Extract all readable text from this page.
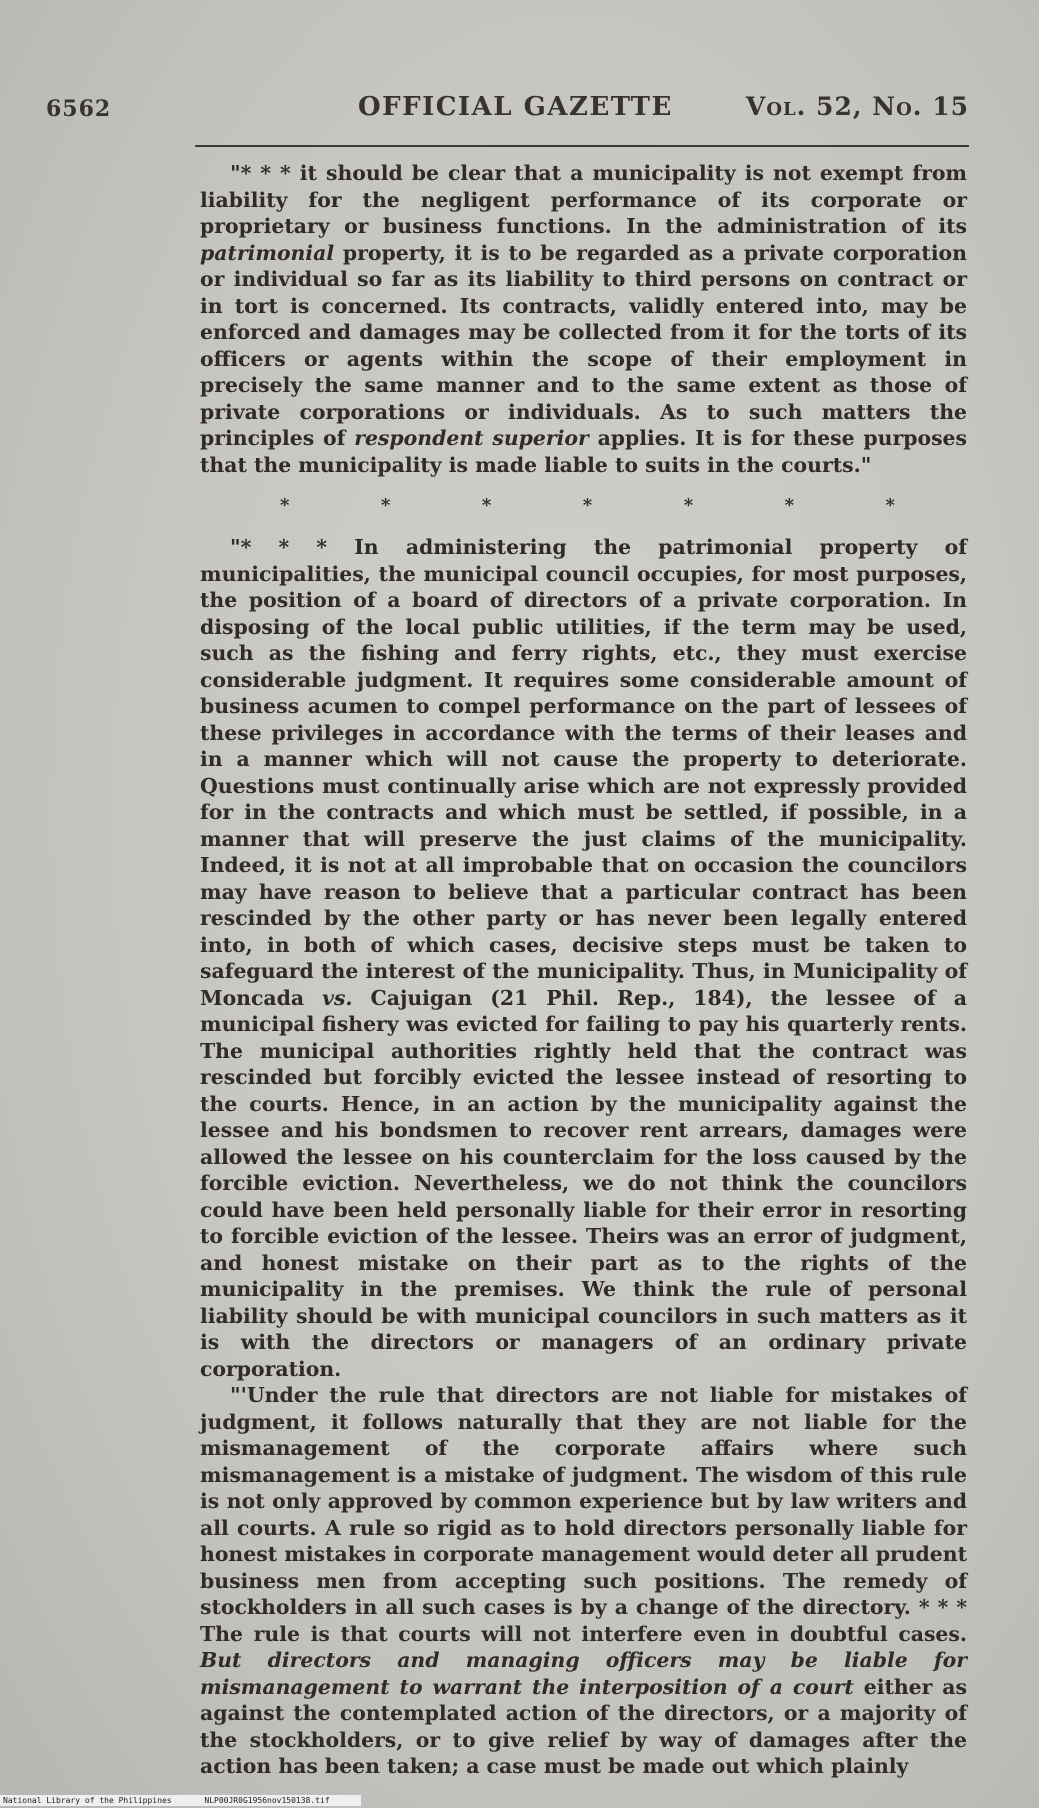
6562	OFFICIAL GAZETTE	Vol. 52, No. 15

"* * * it should be clear that a municipality is not exempt from liability for the negligent performance of its corporate or proprietary or business functions. In the administration of its patrimonial property, it is to be regarded as a private corporation or individual so far as its liability to third persons on contract or in tort is concerned. Its contracts, validly entered into, may be enforced and damages may be collected from it for the torts of its officers or agents within the scope of their employment in precisely the same manner and to the same extent as those of private corporations or individuals. As to such matters the principles of respondent superior applies. It is for these purposes that the municipality is made liable to suits in the courts."

*	*	*	*	*	*	*

"* * * In administering the patrimonial property of municipalities, the municipal council occupies, for most purposes, the position of a board of directors of a private corporation. In disposing of the local public utilities, if the term may be used, such as the fishing and ferry rights, etc., they must exercise considerable judgment. It requires some considerable amount of business acumen to compel performance on the part of lessees of these privileges in accordance with the terms of their leases and in a manner which will not cause the property to deteriorate. Questions must continually arise which are not expressly provided for in the contracts and which must be settled, if possible, in a manner that will preserve the just claims of the municipality. Indeed, it is not at all improbable that on occasion the councilors may have reason to believe that a particular contract has been rescinded by the other party or has never been legally entered into, in both of which cases, decisive steps must be taken to safeguard the interest of the municipality. Thus, in Municipality of Moncada vs. Cajuigan (21 Phil. Rep., 184), the lessee of a municipal fishery was evicted for failing to pay his quarterly rents. The municipal authorities rightly held that the contract was rescinded but forcibly evicted the lessee instead of resorting to the courts. Hence, in an action by the municipality against the lessee and his bondsmen to recover rent arrears, damages were allowed the lessee on his counterclaim for the loss caused by the forcible eviction. Nevertheless, we do not think the councilors could have been held personally liable for their error in resorting to forcible eviction of the lessee. Theirs was an error of judgment, and honest mistake on their part as to the rights of the municipality in the premises. We think the rule of personal liability should be with municipal councilors in such matters as it is with the directors or managers of an ordinary private corporation.

"'Under the rule that directors are not liable for mistakes of judgment, it follows naturally that they are not liable for the mismanagement of the corporate affairs where such mismanagement is a mistake of judgment. The wisdom of this rule is not only approved by common experience but by law writers and all courts. A rule so rigid as to hold directors personally liable for honest mistakes in corporate management would deter all prudent business men from accepting such positions. The remedy of stockholders in all such cases is by a change of the directory. * * * The rule is that courts will not interfere even in doubtful cases. But directors and managing officers may be liable for mismanagement to warrant the interposition of a court either as against the contemplated action of the directors, or a majority of the stockholders, or to give relief by way of damages after the action has been taken; a case must be made out which plainly

National Library of the Philippines	NLP00JR0G1956nov150138.tif
